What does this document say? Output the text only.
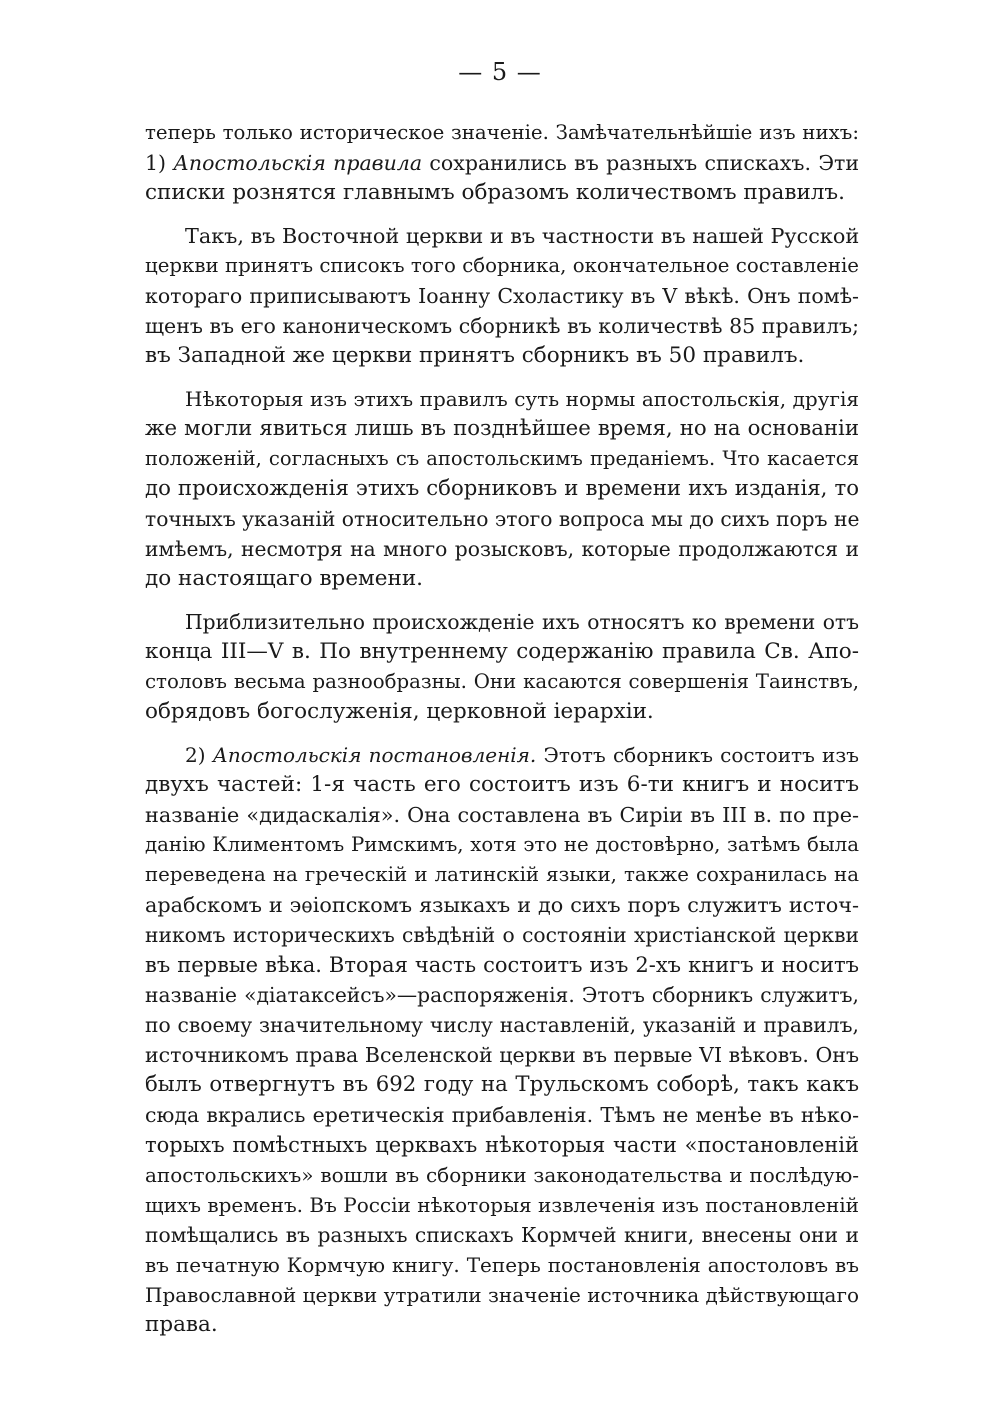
— 5 —
теперь только историческое значенiе. Замѣчательнѣйшiе изъ нихъ:
1) Апостольскiя правила сохранились въ разныхъ спискахъ. Эти
списки рознятся главнымъ образомъ количествомъ правилъ.
Такъ, въ Восточной церкви и въ частности въ нашей Русской
церкви принятъ списокъ того сборника, окончательное составленiе
котораго приписываютъ Iоанну Схоластику въ V вѣкѣ. Онъ помѣ-
щенъ въ его каноническомъ сборникѣ въ количествѣ 85 правилъ;
въ Западной же церкви принятъ сборникъ въ 50 правилъ.
Нѣкоторыя изъ этихъ правилъ суть нормы апостольскiя, другiя
же могли явиться лишь въ позднѣйшее время, но на основанiи
положенiй, согласныхъ съ апостольскимъ преданiемъ. Что касается
до происхожденiя этихъ сборниковъ и времени ихъ изданiя, то
точныхъ указанiй относительно этого вопроса мы до сихъ поръ не
имѣемъ, несмотря на много розысковъ, которые продолжаются и
до настоящаго времени.
Приблизительно происхожденiе ихъ относятъ ко времени отъ
конца III—V в. По внутреннему содержанiю правила Св. Апо-
столовъ весьма разнообразны. Они касаются совершенiя Таинствъ,
обрядовъ богослуженiя, церковной iерархiи.
2) Апостольскiя постановленiя. Этотъ сборникъ состоитъ изъ
двухъ частей: 1-я часть его состоитъ изъ 6-ти книгъ и носитъ
названiе «дидаскалiя». Она составлена въ Сирiи въ III в. по пре-
данiю Климентомъ Римскимъ, хотя это не достовѣрно, затѣмъ была
переведена на греческiй и латинскiй языки, также сохранилась на
арабскомъ и эѳiопскомъ языкахъ и до сихъ поръ служитъ источ-
никомъ историческихъ свѣдѣнiй о состоянiи христiанской церкви
въ первые вѣка. Вторая часть состоитъ изъ 2-хъ книгъ и носитъ
названiе «дiатаксейсъ»—распоряженiя. Этотъ сборникъ служитъ,
по своему значительному числу наставленiй, указанiй и правилъ,
источникомъ права Вселенской церкви въ первые VI вѣковъ. Онъ
былъ отвергнутъ въ 692 году на Трульскомъ соборѣ, такъ какъ
сюда вкрались еретическiя прибавленiя. Тѣмъ не менѣе въ нѣко-
торыхъ помѣстныхъ церквахъ нѣкоторыя части «постановленiй
апостольскихъ» вошли въ сборники законодательства и послѣдую-
щихъ временъ. Въ Россiи нѣкоторыя извлеченiя изъ постановленiй
помѣщались въ разныхъ спискахъ Кормчей книги, внесены они и
въ печатную Кормчую книгу. Теперь постановленiя апостоловъ въ
Православной церкви утратили значенiе источника дѣйствующаго
права.
